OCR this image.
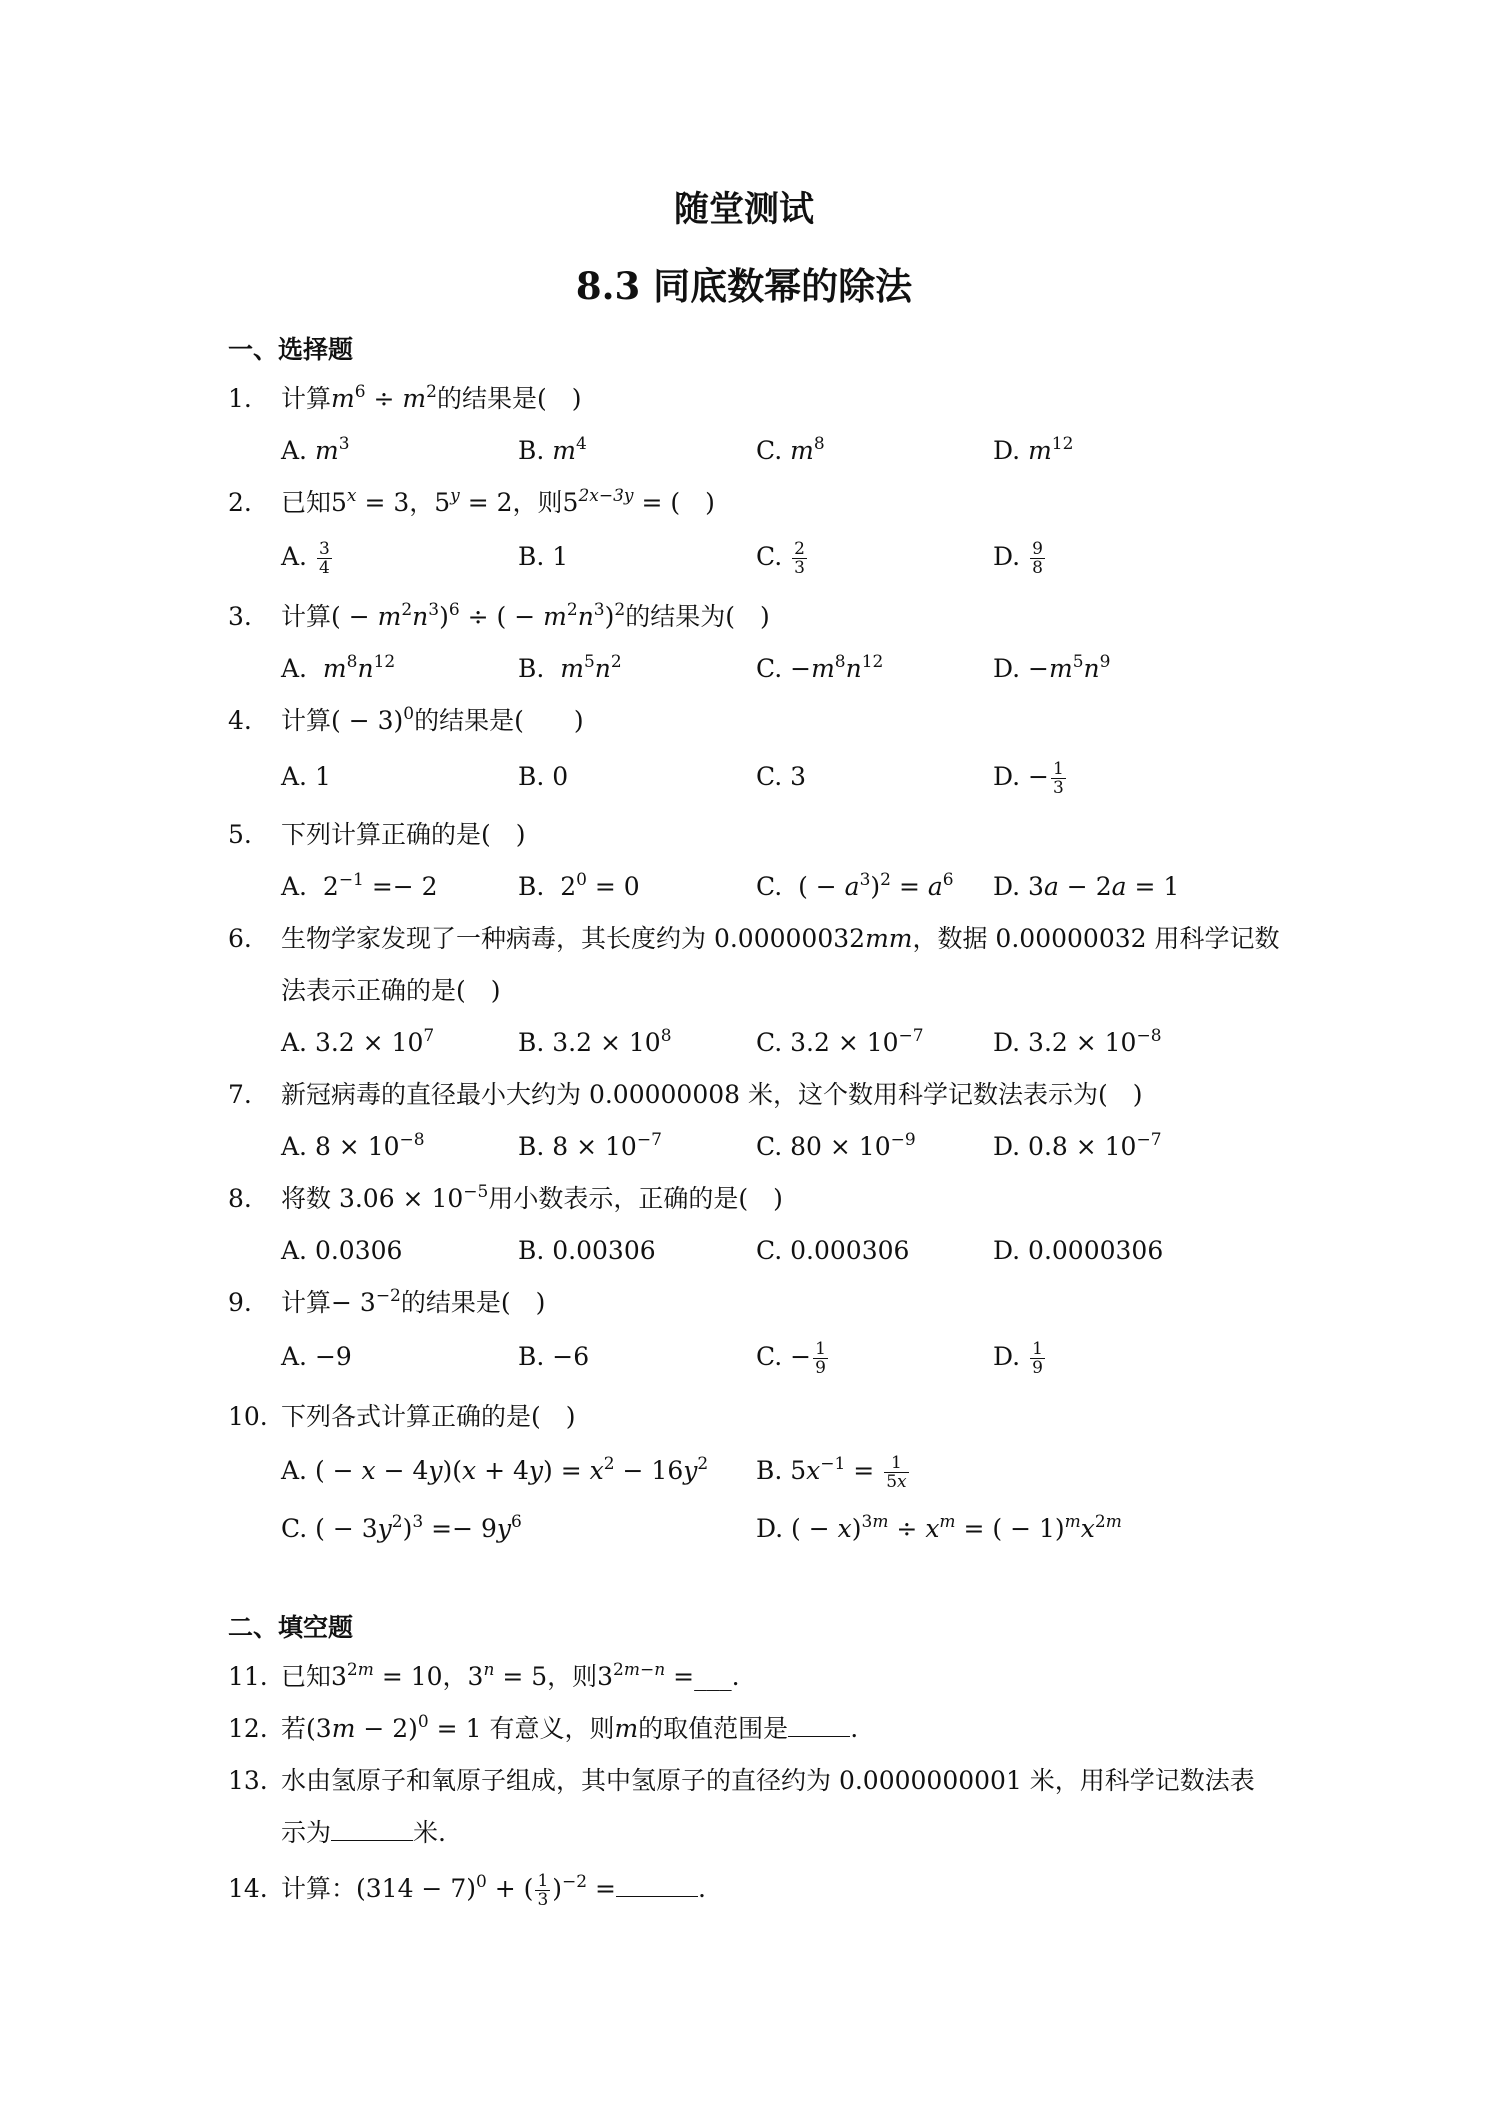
随堂测试
8.3 同底数幂的除法
一、选择题
1. 计算$m^6 \div m^2$的结果是(　)
A. $m^3$	B. $m^4$	C. $m^8$	D. $m^{12}$
2. 已知$5^x = 3$，$5^y = 2$，则$5^{2x-3y}$ = (　)
A. $\frac{3}{4}$	B. 1	C. $\frac{2}{3}$	D. $\frac{9}{8}$
3. 计算( − $m^2n^3)^6$ ÷ ( − $m^2n^3)^2$的结果为(　)
A.  $m^8n^{12}$	B.  $m^5n^2$	C. $-m^8n^{12}$	D. $-m^5n^9$
4. 计算( − 3)$^0$的结果是(　　)
A. 1	B. 0	C. 3	D. − $\frac{1}{3}$
5. 下列计算正确的是(　)
A.  $2^{-1} =- 2$	B.  $2^0 = 0$	C.  ( − $a^3)^2 = a^6$ D. 3a − 2a = 1
6. 生物学家发现了一种病毒，其长度约为 0.00000032mm，数据 0.00000032 用科学记数
法表示正确的是(　)
A. $3.2 \times 10^7$	B. $3.2 \times 10^8$	C. $3.2 \times 10^{-7}$	D. $3.2 \times 10^{-8}$
7. 新冠病毒的直径最小大约为 0.00000008 米，这个数用科学记数法表示为(　)
A. $8 \times 10^{-8}$	B. $8 \times 10^{-7}$	C. $80 \times 10^{-9}$	D. $0.8 \times 10^{-7}$
8. 将数 $3.06 \times 10^{-5}$用小数表示，正确的是(　)
A. 0.0306	B. 0.00306	C. 0.000306	D. 0.0000306
9. 计算− $3^{-2}$的结果是(　)
A. −9	B. −6	C. − $\frac{1}{9}$	D. $\frac{1}{9}$
10. 下列各式计算正确的是(　)
A. ( − $x - 4y)(x + 4y) = x^2 - 16y^2$ B. $5x^{-1} = \frac{1}{5x}$
C. ( − $3y^2)^3 =- 9y^6$	D. ( − $x)^{3m} \div x^m$ = ( − $1)^mx^{2m}$
二、填空题
11. 已知$3^{2m} = 10$，$3^n = 5$，则$3^{2m-n}$ =___.
12. 若$(3m - 2)^0 = 1$ 有意义，则m的取值范围是 .
13. 水由氢原子和氧原子组成，其中氢原子的直径约为 0.0000000001 米，用科学记数法表
示为	米.
14. 计算：$(314 - 7)^0$ + ( $\frac{1}{3} )^{-2}$ =	.
